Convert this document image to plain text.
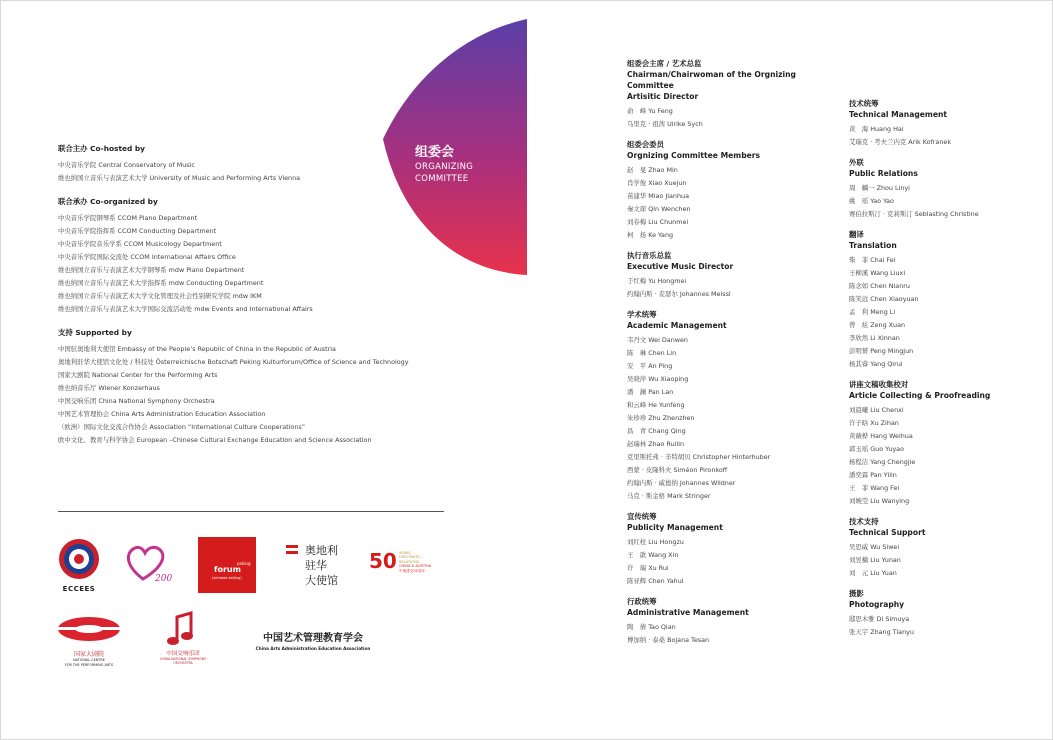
组委会
ORGANIZING
COMMITTEE
联合主办 Co-hosted by
中央音乐学院 Central Conservatory of Music
维也纳国立音乐与表演艺术大学 University of Music and Performing Arts Vienna
联合承办 Co-organized by
中央音乐学院钢琴系 CCOM Piano Department
中央音乐学院指挥系 CCOM Conducting Department
中央音乐学院音乐学系 CCOM Musicology Department
中央音乐学院国际交流处 CCOM International Affairs Office
维也纳国立音乐与表演艺术大学钢琴系 mdw Piano Department
维也纳国立音乐与表演艺术大学指挥系 mdw Conducting Department
维也纳国立音乐与表演艺术大学文化管理及社会性别研究学院 mdw IKM
维也纳国立音乐与表演艺术大学国际交流活动处 mdw Events and International Affairs
支持 Supported by
中国驻奥地利大使馆 Embassy of the People’s Republic of China in the Republic of Austria
奥地利驻华大使馆文化处 / 科技处 Österreichische Botschaft Peking Kulturforum/Office of Science and Technology
国家大剧院 National Center for the Performing Arts
维也纳音乐厅 Wiener Konzerhaus
中国交响乐团 China National Symphony Orchestra
中国艺术管理协会 China Arts Administration Education Association
（欧洲）国际文化交流合作协会 Association “International Culture Cooperations”
欧中文化、教育与科学协会 European –Chinese Cultural Exchange Education and Science Association
ECCEES
200
forum
peking
(achbota beijing)
奥地利
驻华
大使馆
50 YEARS
DIPLOMATIC
RELATIONS
CHINA & AUSTRIA
中奥建交50周年
国家大剧院
NATIONAL CENTRE
FOR THE PERFORMING ARTS
中国交响乐团
CHINA NATIONAL SYMPHONY
ORCHESTRA
中国艺术管理教育学会
China Arts Administration Education Association
组委会主席 / 艺术总监
Chairman/Chairwoman of the Orgnizing Committee
Artisitic Director
俞　峰 Yu Feng
乌里克 · 祖茜 Ulrike Sych
组委会委员
Orgnizing Committee Members
赵　旻 Zhao Min
肖学俊 Xiao Xuejun
苗建华 Miao Jianhua
秦文琛 Qin Wenchen
刘春梅 Liu Chunmei
柯　扬 Ke Yang
执行音乐总监
Executive Music Director
于红梅 Yu Hongmei
约翰内斯 · 麦瑟尔 Johannes Meissl
学术统筹
Academic Management
韦丹文 Wei Danwen
陈　琳 Chen Lin
安　平 An Ping
吴晓萍 Wu Xiaoping
潘　澜 Pan Lan
和云峰 He Yunfeng
朱珍珍 Zhu Zhenzhen
昌　青 Chang Qing
赵瑞林 Zhao Ruilin
克里斯托弗 · 辛特胡贝 Christopher Hinterhuber
西蒙 · 皮隆科夫 Siméon Pironkoff
约翰内斯 · 威德纳 Johannes Wildner
马克 · 斯金格 Mark Stringer
宣传统筹
Publicity Management
刘红柱 Liu Hongzu
王　歆 Wang Xin
许　瑞 Xu Rui
陈亚辉 Chen Yahui
行政统筹
Administrative Management
陶　倩 Tao Qian
博加纳 · 泰桑 Bojana Tesan
技术统筹
Technical Management
黄　海 Huang Hai
艾瑞克 · 考夫兰内克 Arik Kofranek
外联
Public Relations
周　麟一 Zhou Linyi
姚　瑶 Yao Yao
赛伯拉斯汀 · 克莉斯汀 Seblasting Christine
翻译
Translation
柴　菲 Chai Fei
王柳溪 Wang Liuxi
陈念如 Chen Nianru
陈笑远 Chen Xiaoyuan
孟　利 Meng Li
曾　炫 Zeng Xuan
李欣然 Li Xinnan
彭明赟 Peng Mingjun
杨其睿 Yang Qirui
讲座文稿收集校对
Article Collecting & Proofreading
刘晨曦 Liu Chenxi
许子晗 Xu Zihan
黄薇桦 Hang Weihua
郭玉瑶 Guo Yuyao
杨程洁 Yang Chengjie
潘奕霖 Pan Yilin
王　菲 Wang Fei
刘婉莹 Liu Wanying
技术支持
Technical Support
吴思威 Wu Siwei
刘昱楠 Liu Yunan
刘　元 Liu Yuan
摄影
Photography
邸思木雅 Di Simuya
张天宇 Zhang Tianyu
